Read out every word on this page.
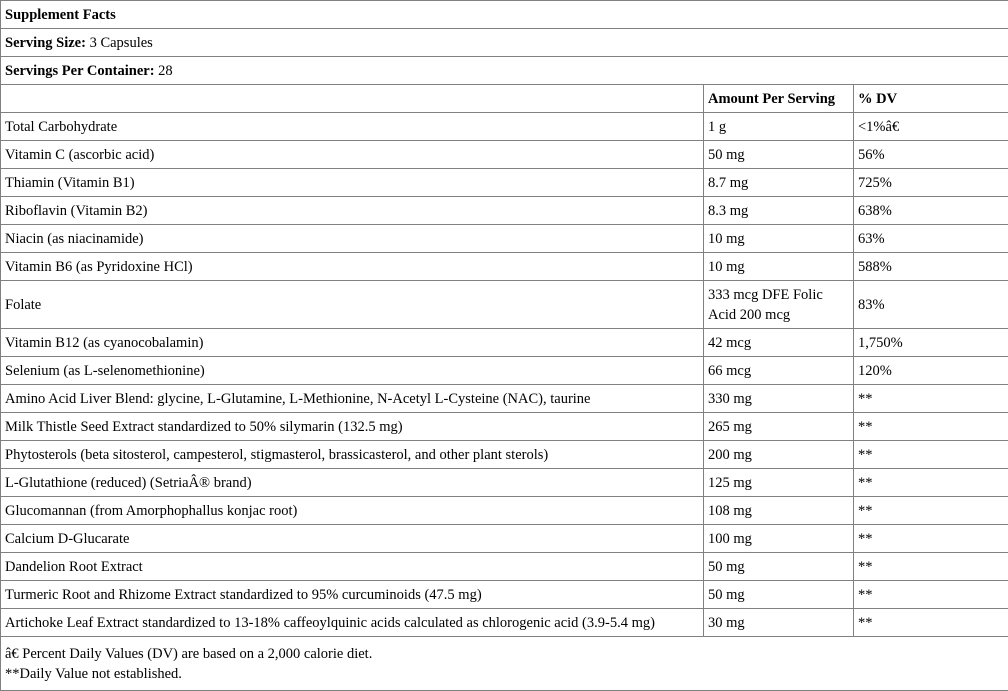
Supplement Facts		
Serving Size: 3 Capsules		
Servings Per Container: 28		
	Amount Per Serving	% DV
Total Carbohydrate	1 g	<1%â€
Vitamin C (ascorbic acid)	50 mg	56%
Thiamin (Vitamin B1)	8.7 mg	725%
Riboflavin (Vitamin B2)	8.3 mg	638%
Niacin (as niacinamide)	10 mg	63%
Vitamin B6 (as Pyridoxine HCl)	10 mg	588%
Folate	333 mcg DFE Folic Acid 200 mcg	83%
Vitamin B12 (as cyanocobalamin)	42 mcg	1,750%
Selenium (as L-selenomethionine)	66 mcg	120%
Amino Acid Liver Blend: glycine, L-Glutamine, L-Methionine, N-Acetyl L-Cysteine (NAC), taurine	330 mg	**
Milk Thistle Seed Extract standardized to 50% silymarin (132.5 mg)	265 mg	**
Phytosterols (beta sitosterol, campesterol, stigmasterol, brassicasterol, and other plant sterols)	200 mg	**
L-Glutathione (reduced) (SetriaÂ® brand)	125 mg	**
Glucomannan (from Amorphophallus konjac root)	108 mg	**
Calcium D-Glucarate	100 mg	**
Dandelion Root Extract	50 mg	**
Turmeric Root and Rhizome Extract standardized to 95% curcuminoids (47.5 mg)	50 mg	**
Artichoke Leaf Extract standardized to 13-18% caffeoylquinic acids calculated as chlorogenic acid (3.9-5.4 mg)	30 mg	**

â€ Percent Daily Values (DV) are based on a 2,000 calorie diet.
**Daily Value not established.		
